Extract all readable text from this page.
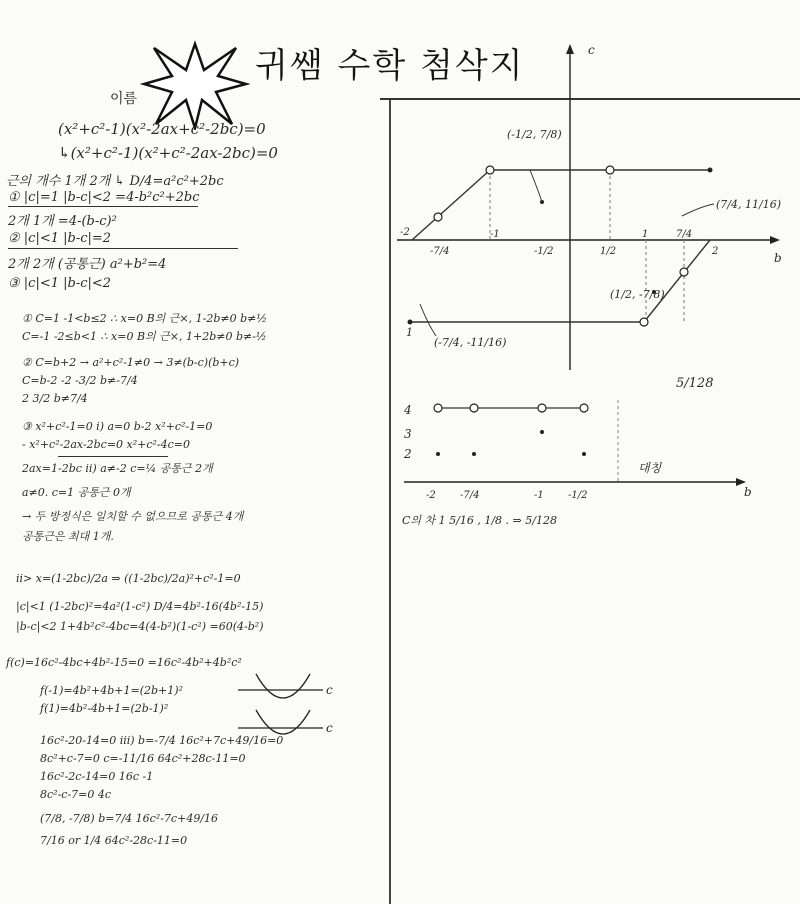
귀쌤 수학 첨삭지
이름
(x²+c²-1)(x²-2ax+c²-2bc)=0
↳(x²+c²-1)(x²+c²-2ax-2bc)=0
근의 개수 1개 2개 ↳ D/4=a²c²+2bc
① |c|=1 |b-c|<2 =4-b²c²+2bc
2개 1개 =4-(b-c)²
② |c|<1 |b-c|=2
2개 2개 (공통근) a²+b²=4
③ |c|<1 |b-c|<2
① C=1 -1<b≤2 ∴ x=0 B의 근×, 1-2b≠0 b≠½
C=-1 -2≤b<1 ∴ x=0 B의 근×, 1+2b≠0 b≠-½
② C=b+2 → a²+c²-1≠0 → 3≠(b-c)(b+c)
C=b-2 -2 -3/2 b≠-7/4
2 3/2 b≠7/4
③ x²+c²-1=0 i) a=0 b-2 x²+c²-1=0
- x²+c²-2ax-2bc=0 x²+c²-4c=0
2ax=1-2bc ii) a≠-2 c=¼ 공통근 2개
a≠0. c=1 공통근 0개
→ 두 방정식은 일치할 수 없으므로 공통근 4개
공통근은 최대 1개.
ii> x=(1-2bc)/2a ⇒ ((1-2bc)/2a)²+c²-1=0
|c|<1 (1-2bc)²=4a²(1-c²) D/4=4b²-16(4b²-15)
|b-c|<2 1+4b²c²-4bc=4(4-b²)(1-c²) =60(4-b²)
f(c)=16c²-4bc+4b²-15=0 =16c²-4b²+4b²c²
f(-1)=4b²+4b+1=(2b+1)²
f(1)=4b²-4b+1=(2b-1)²
16c²-20-14=0 iii) b=-7/4 16c²+7c+49/16=0
8c²+c-7=0 c=-11/16 64c²+28c-11=0
16c²-2c-14=0 16c -1
8c²-c-7=0 4c
(7/8, -7/8) b=7/4 16c²-7c+49/16
7/16 or 1/4 64c²-28c-11=0
c
c
c
b
(-1/2, 7/8)
(7/4, 11/16)
(1/2, -7/8)
(-7/4, -11/16)
1
-2
-7/4
-1
-1/2	1/2
1	7/4
2
5/128
b
4
3
2
대칭
-2 -7/4	-1 -1/2
C의 차 1 5/16 , 1/8 . ⇒ 5/128
